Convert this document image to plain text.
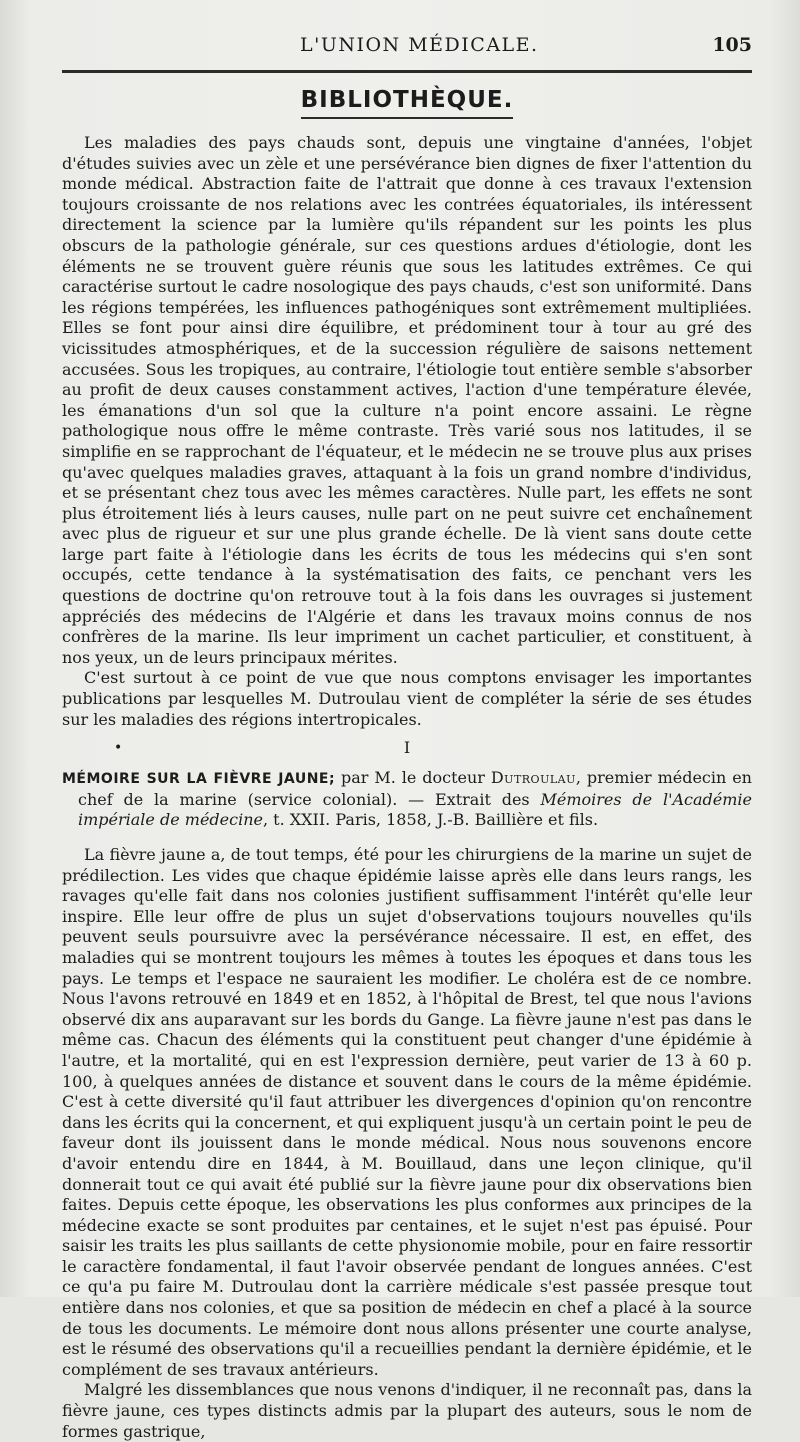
L'UNION MÉDICALE.	105
BIBLIOTHÈQUE.

Les maladies des pays chauds sont, depuis une vingtaine d'années, l'objet d'études suivies avec un zèle et une persévérance bien dignes de fixer l'attention du monde médical. Abstraction faite de l'attrait que donne à ces travaux l'extension toujours croissante de nos relations avec les contrées équatoriales, ils intéressent directement la science par la lumière qu'ils répandent sur les points les plus obscurs de la pathologie générale, sur ces questions ardues d'étiologie, dont les éléments ne se trouvent guère réunis que sous les latitudes extrêmes. Ce qui caractérise surtout le cadre nosologique des pays chauds, c'est son uniformité. Dans les régions tempérées, les influences pathogéniques sont extrêmement multipliées. Elles se font pour ainsi dire équilibre, et prédominent tour à tour au gré des vicissitudes atmosphériques, et de la succession régulière de saisons nettement accusées. Sous les tropiques, au contraire, l'étiologie tout entière semble s'absorber au profit de deux causes constamment actives, l'action d'une température élevée, les émanations d'un sol que la culture n'a point encore assaini. Le règne pathologique nous offre le même contraste. Très varié sous nos latitudes, il se simplifie en se rapprochant de l'équateur, et le médecin ne se trouve plus aux prises qu'avec quelques maladies graves, attaquant à la fois un grand nombre d'individus, et se présentant chez tous avec les mêmes caractères. Nulle part, les effets ne sont plus étroitement liés à leurs causes, nulle part on ne peut suivre cet enchaînement avec plus de rigueur et sur une plus grande échelle. De là vient sans doute cette large part faite à l'étiologie dans les écrits de tous les médecins qui s'en sont occupés, cette tendance à la systématisation des faits, ce penchant vers les questions de doctrine qu'on retrouve tout à la fois dans les ouvrages si justement appréciés des médecins de l'Algérie et dans les travaux moins connus de nos confrères de la marine. Ils leur impriment un cachet particulier, et constituent, à nos yeux, un de leurs principaux mérites.

C'est surtout à ce point de vue que nous comptons envisager les importantes publications par lesquelles M. Dutroulau vient de compléter la série de ses études sur les maladies des régions intertropicales.

•	I
MÉMOIRE SUR LA FIÈVRE JAUNE; par M. le docteur Dutroulau, premier médecin en chef de la marine (service colonial). — Extrait des Mémoires de l'Académie impériale de médecine, t. XXII. Paris, 1858, J.-B. Baillière et fils.

La fièvre jaune a, de tout temps, été pour les chirurgiens de la marine un sujet de prédilection. Les vides que chaque épidémie laisse après elle dans leurs rangs, les ravages qu'elle fait dans nos colonies justifient suffisamment l'intérêt qu'elle leur inspire. Elle leur offre de plus un sujet d'observations toujours nouvelles qu'ils peuvent seuls poursuivre avec la persévérance nécessaire. Il est, en effet, des maladies qui se montrent toujours les mêmes à toutes les époques et dans tous les pays. Le temps et l'espace ne sauraient les modifier. Le choléra est de ce nombre. Nous l'avons retrouvé en 1849 et en 1852, à l'hôpital de Brest, tel que nous l'avions observé dix ans auparavant sur les bords du Gange. La fièvre jaune n'est pas dans le même cas. Chacun des éléments qui la constituent peut changer d'une épidémie à l'autre, et la mortalité, qui en est l'expression dernière, peut varier de 13 à 60 p. 100, à quelques années de distance et souvent dans le cours de la même épidémie. C'est à cette diversité qu'il faut attribuer les divergences d'opinion qu'on rencontre dans les écrits qui la concernent, et qui expliquent jusqu'à un certain point le peu de faveur dont ils jouissent dans le monde médical. Nous nous souvenons encore d'avoir entendu dire en 1844, à M. Bouillaud, dans une leçon clinique, qu'il donnerait tout ce qui avait été publié sur la fièvre jaune pour dix observations bien faites. Depuis cette époque, les observations les plus conformes aux principes de la médecine exacte se sont produites par centaines, et le sujet n'est pas épuisé. Pour saisir les traits les plus saillants de cette physionomie mobile, pour en faire ressortir le caractère fondamental, il faut l'avoir observée pendant de longues années. C'est ce qu'a pu faire M. Dutroulau dont la carrière médicale s'est passée presque tout entière dans nos colonies, et que sa position de médecin en chef a placé à la source de tous les documents. Le mémoire dont nous allons présenter une courte analyse, est le résumé des observations qu'il a recueillies pendant la dernière épidémie, et le complément de ses travaux antérieurs.

Malgré les dissemblances que nous venons d'indiquer, il ne reconnaît pas, dans la fièvre jaune, ces types distincts admis par la plupart des auteurs, sous le nom de formes gastrique,
